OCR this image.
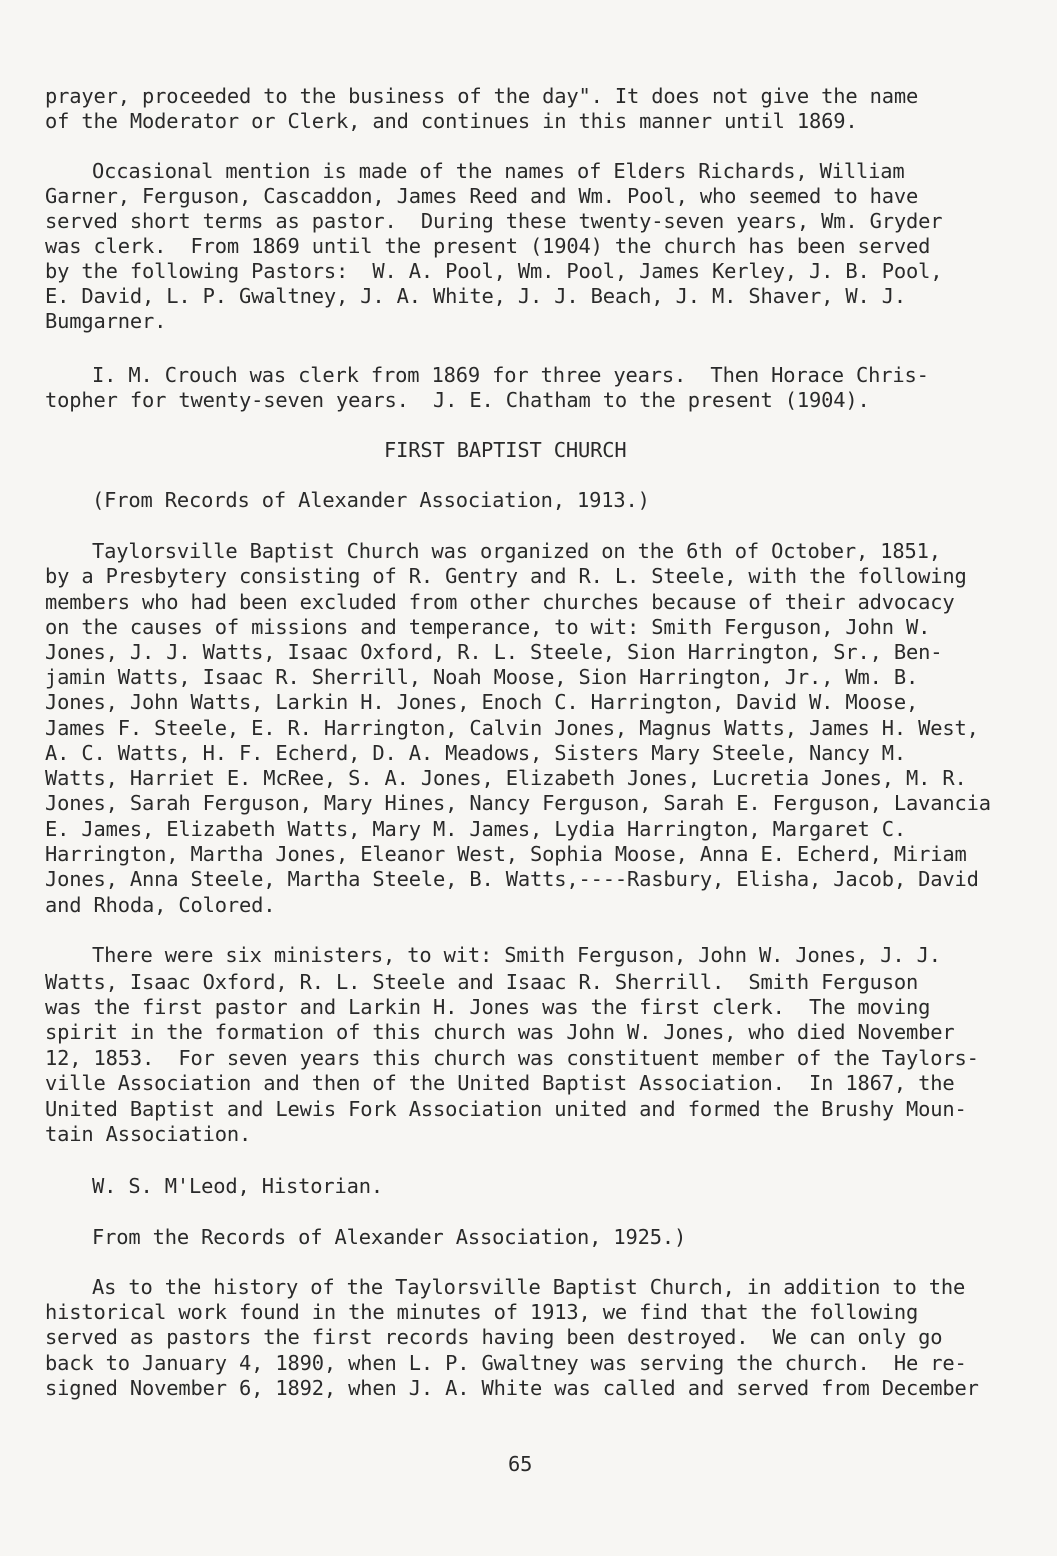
prayer, proceeded to the business of the day". It does not give the name
of the Moderator or Clerk, and continues in this manner until 1869.
Occasional mention is made of the names of Elders Richards, William
Garner, Ferguson, Cascaddon, James Reed and Wm. Pool, who seemed to have
served short terms as pastor.  During these twenty-seven years, Wm. Gryder
was clerk.  From 1869 until the present (1904) the church has been served
by the following Pastors:  W. A. Pool, Wm. Pool, James Kerley, J. B. Pool,
E. David, L. P. Gwaltney, J. A. White, J. J. Beach, J. M. Shaver, W. J.
Bumgarner.
I. M. Crouch was clerk from 1869 for three years.  Then Horace Chris-
topher for twenty-seven years.  J. E. Chatham to the present (1904).
FIRST BAPTIST CHURCH
(From Records of Alexander Association, 1913.)
Taylorsville Baptist Church was organized on the 6th of October, 1851,
by a Presbytery consisting of R. Gentry and R. L. Steele, with the following
members who had been excluded from other churches because of their advocacy
on the causes of missions and temperance, to wit: Smith Ferguson, John W.
Jones, J. J. Watts, Isaac Oxford, R. L. Steele, Sion Harrington, Sr., Ben-
jamin Watts, Isaac R. Sherrill, Noah Moose, Sion Harrington, Jr., Wm. B.
Jones, John Watts, Larkin H. Jones, Enoch C. Harrington, David W. Moose,
James F. Steele, E. R. Harrington, Calvin Jones, Magnus Watts, James H. West,
A. C. Watts, H. F. Echerd, D. A. Meadows, Sisters Mary Steele, Nancy M.
Watts, Harriet E. McRee, S. A. Jones, Elizabeth Jones, Lucretia Jones, M. R.
Jones, Sarah Ferguson, Mary Hines, Nancy Ferguson, Sarah E. Ferguson, Lavancia
E. James, Elizabeth Watts, Mary M. James, Lydia Harrington, Margaret C.
Harrington, Martha Jones, Eleanor West, Sophia Moose, Anna E. Echerd, Miriam
Jones, Anna Steele, Martha Steele, B. Watts,----Rasbury, Elisha, Jacob, David
and Rhoda, Colored.
There were six ministers, to wit: Smith Ferguson, John W. Jones, J. J.
Watts, Isaac Oxford, R. L. Steele and Isaac R. Sherrill.  Smith Ferguson
was the first pastor and Larkin H. Jones was the first clerk.  The moving
spirit in the formation of this church was John W. Jones, who died November
12, 1853.  For seven years this church was constituent member of the Taylors-
ville Association and then of the United Baptist Association.  In 1867, the
United Baptist and Lewis Fork Association united and formed the Brushy Moun-
tain Association.
W. S. M'Leod, Historian.
From the Records of Alexander Association, 1925.)
As to the history of the Taylorsville Baptist Church, in addition to the
historical work found in the minutes of 1913, we find that the following
served as pastors the first records having been destroyed.  We can only go
back to January 4, 1890, when L. P. Gwaltney was serving the church.  He re-
signed November 6, 1892, when J. A. White was called and served from December
65
